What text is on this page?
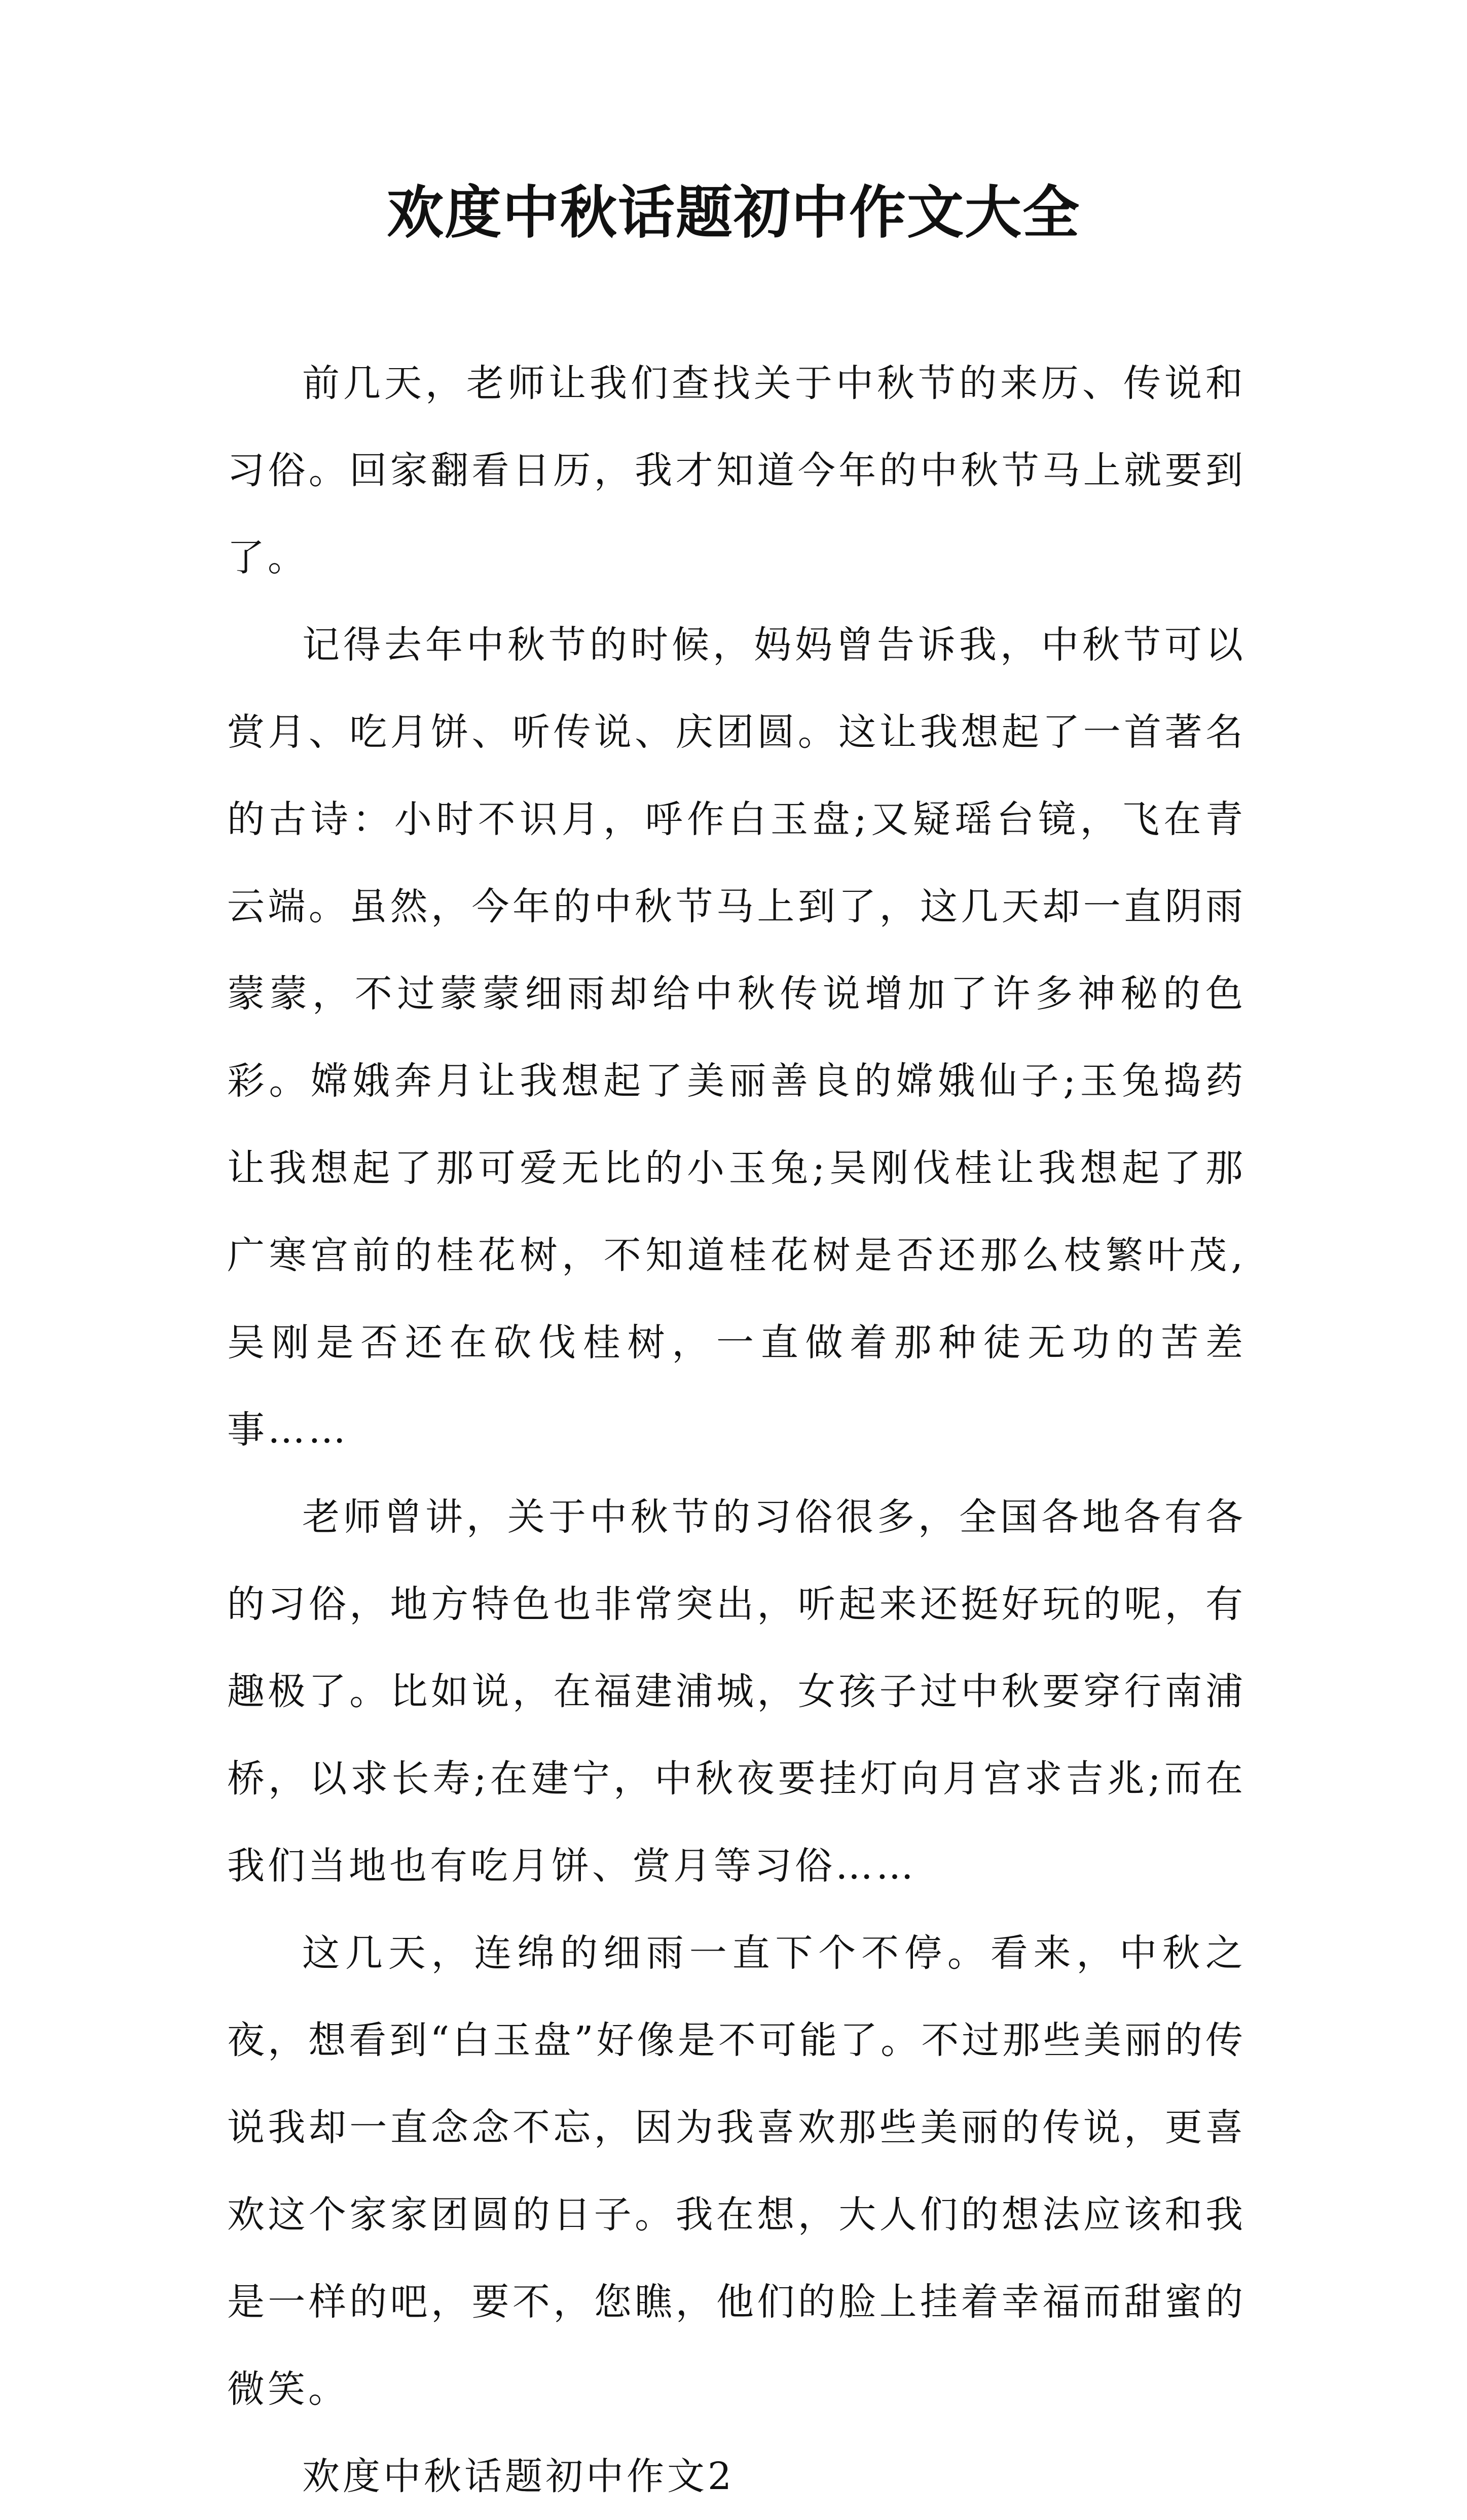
欢度中秋话题初中作文大全

前几天，老师让我们查找关于中秋节的来历、传说和习俗。回家翻看日历，我才知道今年的中秋节马上就要到了。

记得去年中秋节的时候，妈妈曾告诉我，中秋节可以赏月、吃月饼、听传说、庆团圆。这让我想起了一首著名的古诗：小时不识月，呼作白玉盘;又疑瑶台镜，飞在青云端。虽然，今年的中秋节马上到了，这几天却一直阴雨蒙蒙，不过蒙蒙细雨却给中秋传说增加了许多神秘的色彩。嫦娥奔月让我想起了美丽善良的嫦娥仙子;玉兔捣药让我想起了那可爱无比的小玉兔;吴刚伐桂让我想起了那广寒宫前的桂花树，不知道桂花树是否还那么枝繁叶茂,吴刚是否还在砍伐桂树，一直做着那种徒无功的苦差事……

老师曾讲，关于中秋节的习俗很多，全国各地各有各的习俗，地方特色也非常突出，听起来还挺好玩的呢，有趣极了。比如说，在福建浦城，女孩子过中秋要穿行南浦桥，以求长寿;在建宁，中秋夜要挂灯向月宫求吉兆;而在我们当地也有吃月饼、赏月等习俗……

这几天，连绵的细雨一直下个不停。看来，中秋之夜，想看到“白玉盘”好像是不可能了。不过那些美丽的传说我却一直念念不忘，因为我喜欢那些美丽的传说，更喜欢这个家家团圆的日子。我在想，大人们的想法应该和我是一样的吧，要不，您瞧，他们的脸上挂着幸福而甜蜜的微笑。

欢度中秋话题初中作文2
